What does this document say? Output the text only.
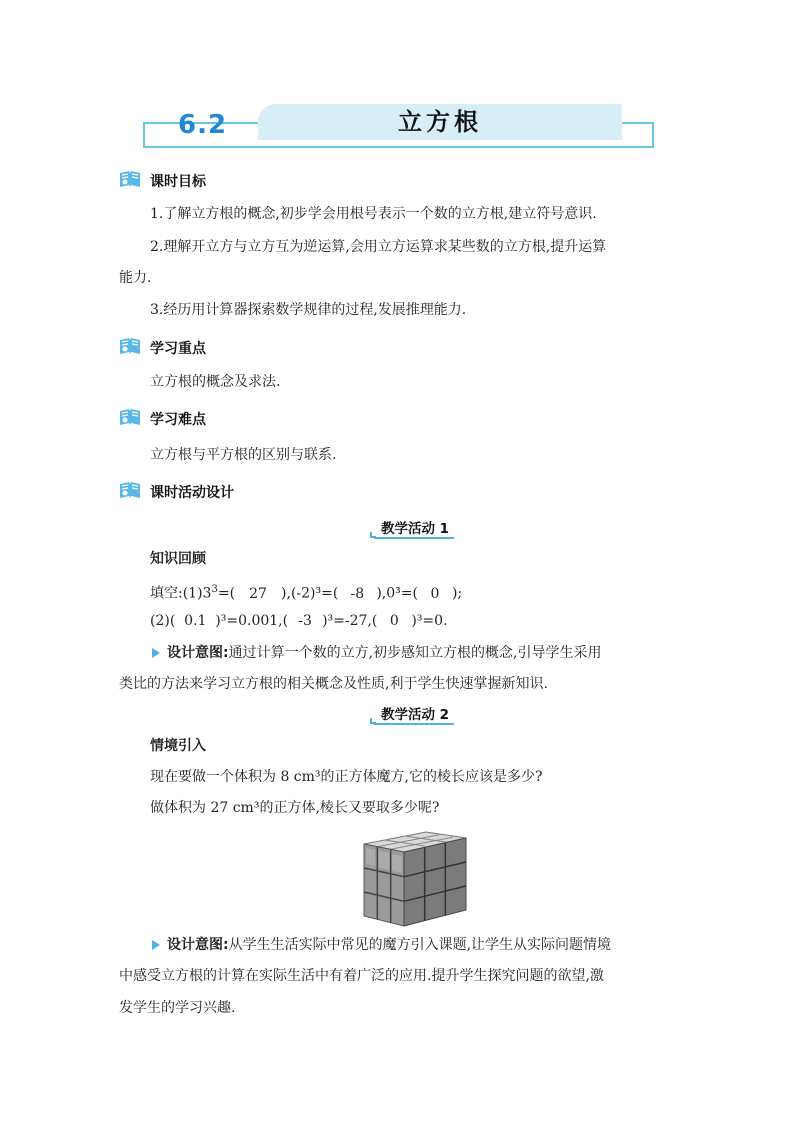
6.2	立方根
课时目标
1.了解立方根的概念,初步学会用根号表示一个数的立方根,建立符号意识.
2.理解开立方与立方互为逆运算,会用立方运算求某些数的立方根,提升运算
能力.
3.经历用计算器探索数学规律的过程,发展推理能力.
学习重点
立方根的概念及求法.
学习难点
立方根与平方根的区别与联系.
课时活动设计
教学活动 1
知识回顾
填空$:(1)3^3=$( 27 ),(-2)³=( -8 ),0³=( 0 );
(2)( 0.1 )³=0.001,( -3 )³=-27,( 0 )³=0.
设计意图:通过计算一个数的立方,初步感知立方根的概念,引导学生采用
类比的方法来学习立方根的相关概念及性质,利于学生快速掌握新知识.
教学活动 2
情境引入
现在要做一个体积为 8 cm³的正方体魔方,它的棱长应该是多少?
做体积为 27 cm³的正方体,棱长又要取多少呢?
设计意图:从学生生活实际中常见的魔方引入课题,让学生从实际问题情境
中感受立方根的计算在实际生活中有着广泛的应用.提升学生探究问题的欲望,激
发学生的学习兴趣.
